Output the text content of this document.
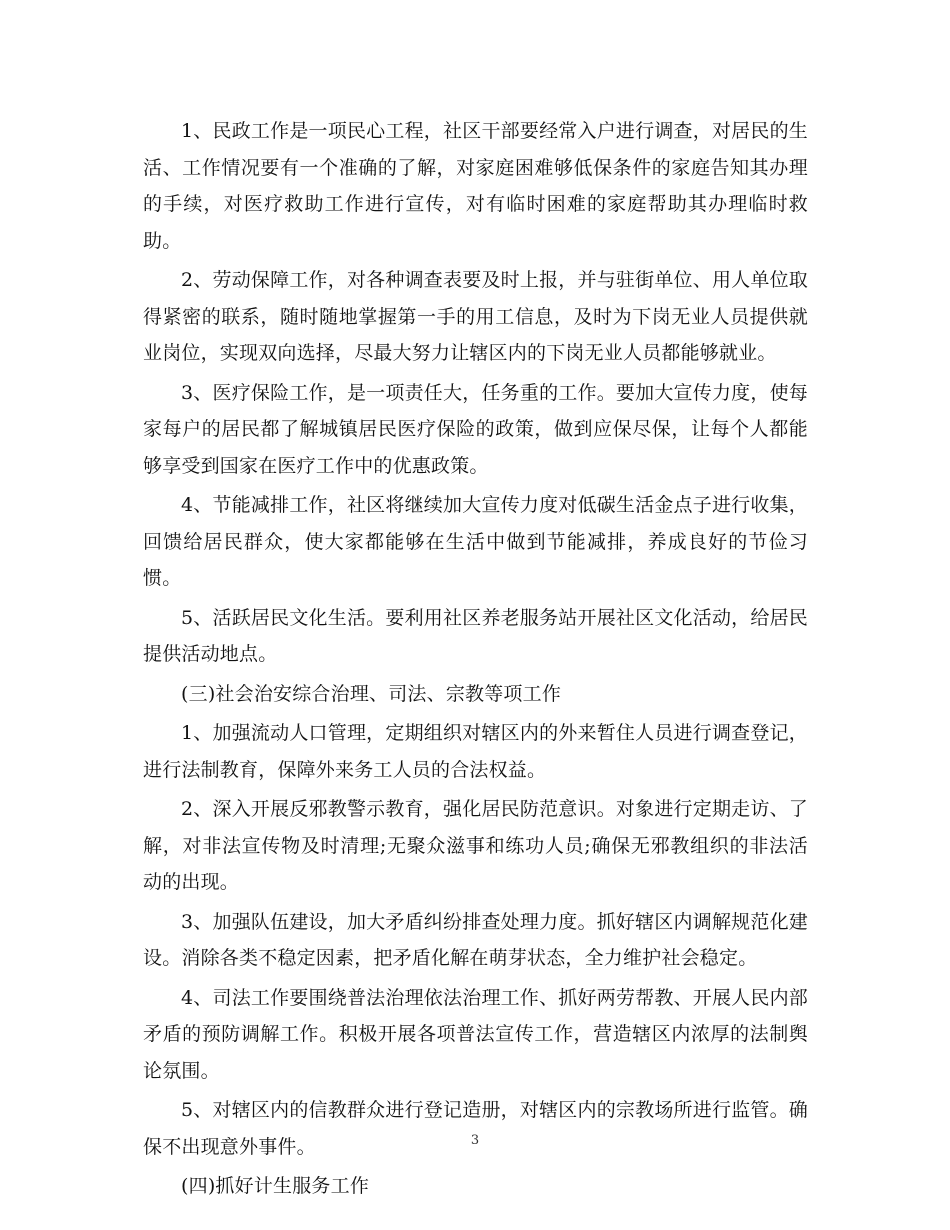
1、民政工作是一项民心工程，社区干部要经常入户进行调查，对居民的生活、工作情况要有一个准确的了解，对家庭困难够低保条件的家庭告知其办理的手续，对医疗救助工作进行宣传，对有临时困难的家庭帮助其办理临时救助。

2、劳动保障工作，对各种调查表要及时上报，并与驻街单位、用人单位取得紧密的联系，随时随地掌握第一手的用工信息，及时为下岗无业人员提供就业岗位，实现双向选择，尽最大努力让辖区内的下岗无业人员都能够就业。

3、医疗保险工作，是一项责任大，任务重的工作。要加大宣传力度，使每家每户的居民都了解城镇居民医疗保险的政策，做到应保尽保，让每个人都能够享受到国家在医疗工作中的优惠政策。

4、节能减排工作，社区将继续加大宣传力度对低碳生活金点子进行收集，回馈给居民群众，使大家都能够在生活中做到节能减排，养成良好的节俭习惯。

5、活跃居民文化生活。要利用社区养老服务站开展社区文化活动，给居民提供活动地点。

(三)社会治安综合治理、司法、宗教等项工作

1、加强流动人口管理，定期组织对辖区内的外来暂住人员进行调查登记，进行法制教育，保障外来务工人员的合法权益。

2、深入开展反邪教警示教育，强化居民防范意识。对象进行定期走访、了解，对非法宣传物及时清理;无聚众滋事和练功人员;确保无邪教组织的非法活动的出现。

3、加强队伍建设，加大矛盾纠纷排查处理力度。抓好辖区内调解规范化建设。消除各类不稳定因素，把矛盾化解在萌芽状态，全力维护社会稳定。

4、司法工作要围绕普法治理依法治理工作、抓好两劳帮教、开展人民内部矛盾的预防调解工作。积极开展各项普法宣传工作，营造辖区内浓厚的法制舆论氛围。

5、对辖区内的信教群众进行登记造册，对辖区内的宗教场所进行监管。确保不出现意外事件。

(四)抓好计生服务工作

3
